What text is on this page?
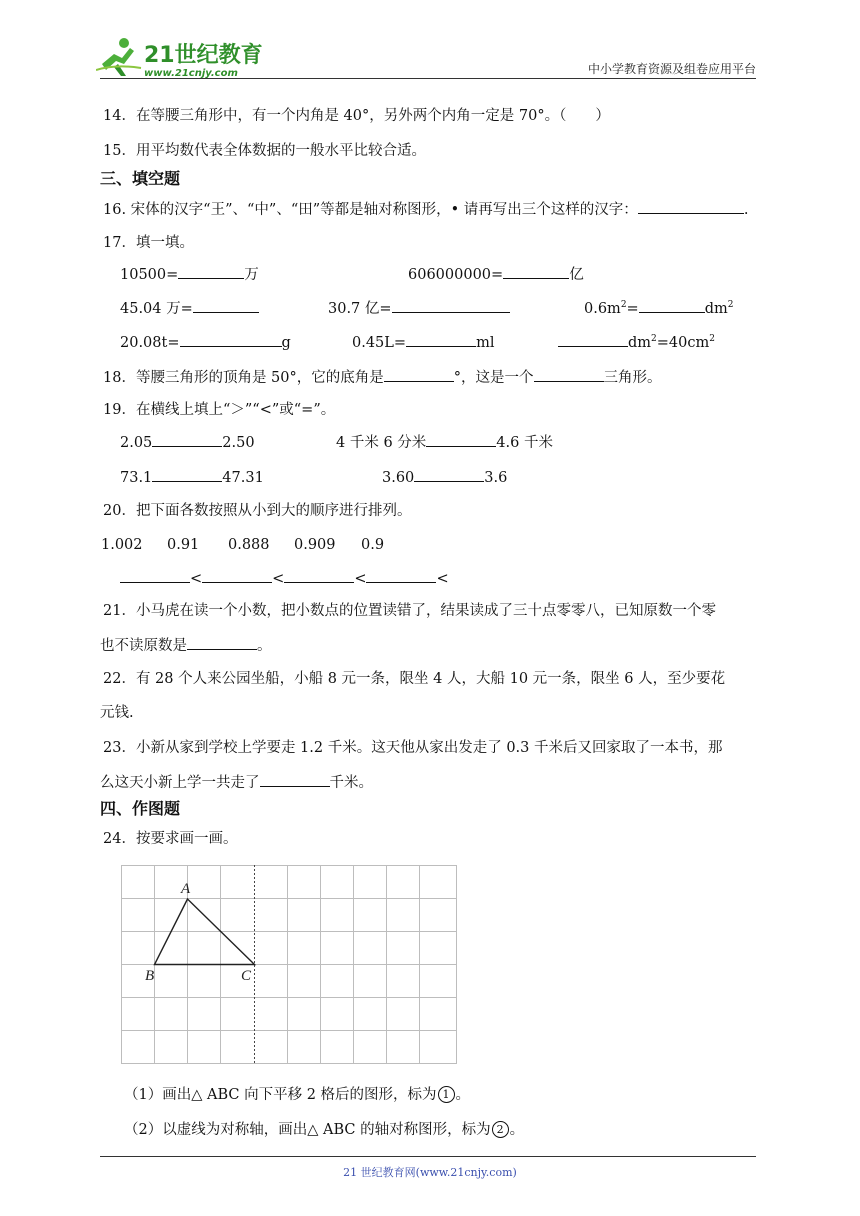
21世纪教育
www.21cnjy.com	中小学教育资源及组卷应用平台
14．在等腰三角形中，有一个内角是 40°，另外两个内角一定是 70°。（　　）
15．用平均数代表全体数据的一般水平比较合适。
三、填空题
16. 宋体的汉字“王”、“中”、“田”等都是轴对称图形，• 请再写出三个这样的汉字：	.
17．填一填。
10500=	万	606000000=	亿
45.04 万=	30.7 亿=	$0.6m^2=$	$dm^2$
20.08t=	g	0.45L=	ml	$dm^2=40cm^2$
18．等腰三角形的顶角是 50°，它的底角是	°，这是一个	三角形。
19．在横线上填上“＞”“<”或“=”。
2.05	2.50	4 千米 6 分米	4.6 千米
73.1	47.31	3.60	3.6
20．把下面各数按照从小到大的顺序进行排列。
1.002 0.91 0.888 0.909 0.9
<	<	<	<
21．小马虎在读一个小数，把小数点的位置读错了，结果读成了三十点零零八，已知原数一个零
也不读原数是	。
22．有 28 个人来公园坐船，小船 8 元一条，限坐 4 人，大船 10 元一条，限坐 6 人，至少要花
元钱.
23．小新从家到学校上学要走 1.2 千米。这天他从家出发走了 0.3 千米后又回家取了一本书，那
么这天小新上学一共走了	千米。
四、作图题
24．按要求画一画。
A
B	C
（1）画出△ ABC 向下平移 2 格后的图形，标为 1 。
（2）以虚线为对称轴，画出△ ABC 的轴对称图形，标为 2 。
21 世纪教育网(www.21cnjy.com)
